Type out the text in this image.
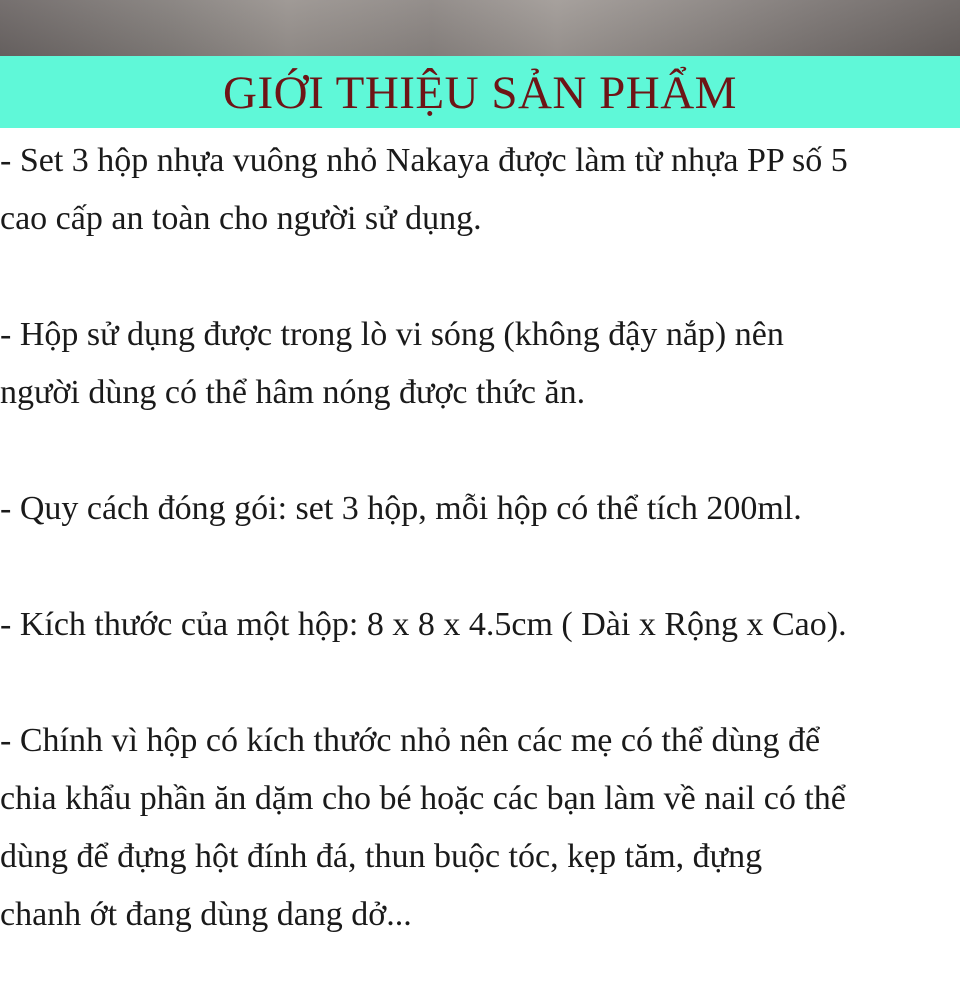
GIỚI THIỆU SẢN PHẨM

- Set 3 hộp nhựa vuông nhỏ Nakaya được làm từ nhựa PP số 5
cao cấp an toàn cho người sử dụng.

- Hộp sử dụng được trong lò vi sóng (không đậy nắp) nên
người dùng có thể hâm nóng được thức ăn.

- Quy cách đóng gói: set 3 hộp, mỗi hộp có thể tích 200ml.

- Kích thước của một hộp: 8 x 8 x 4.5cm ( Dài x Rộng x Cao).

- Chính vì hộp có kích thước nhỏ nên các mẹ có thể dùng để
chia khẩu phần ăn dặm cho bé hoặc các bạn làm về nail có thể
dùng để đựng hột đính đá, thun buộc tóc, kẹp tăm, đựng
chanh ớt đang dùng dang dở...
